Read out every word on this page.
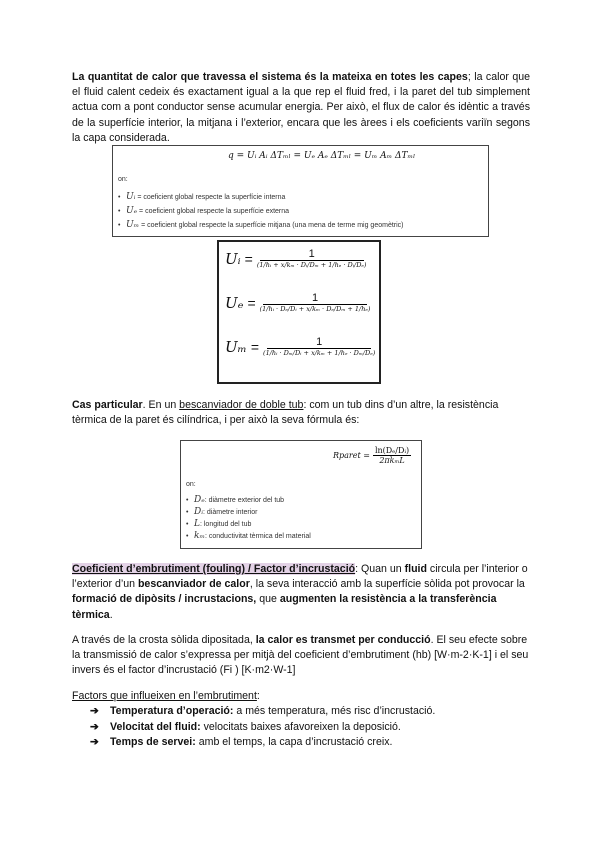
La quantitat de calor que travessa el sistema és la mateixa en totes les capes; la calor que el fluid calent cedeix és exactament igual a la que rep el fluid fred, i la paret del tub simplement actua com a pont conductor sense acumular energia. Per això, el flux de calor és idèntic a través de la superfície interior, la mitjana i l’exterior, encara que les àrees i els coeficients variïn segons la capa considerada.

q = Uᵢ Aᵢ ΔTₘₗ = Uₑ Aₑ ΔTₘₗ = Uₘ Aₘ ΔTₘₗ
on:
• Uᵢ = coeficient global respecte la superfície interna
• Uₑ = coeficient global respecte la superfície externa
• Uₘ = coeficient global respecte la superfície mitjana (una mena de terme mig geomètric)
Uᵢ = $\frac{1}{\text{(1/hᵢ + x/kₘ · Dᵢ/Dₘ + 1/hₑ · Dᵢ/Dₑ)}}$
$U_e = \frac{1}{\text{(1/hᵢ · Dₑ/Dᵢ + x/kₘ · Dₑ/Dₘ + 1/hₑ)}}$
$U_m = \frac{1}{\text{(1/hᵢ · Dₘ/Dᵢ + x/kₘ + 1/hₑ · Dₘ/Dₑ)}}$

Cas particular. En un bescanviador de doble tub: com un tub dins d’un altre, la resistència tèrmica de la paret és cilíndrica, i per això la seva fórmula és:

Rparet = $\frac{\text{ln(Dₑ/Dᵢ)}}{\text{2πkₘL}}$
on:
• Dₑ: diàmetre exterior del tub
• Dᵢ: diàmetre interior
• L: longitud del tub
• kₘ: conductivitat tèrmica del material

Coeficient d’embrutiment (fouling) / Factor d’incrustació: Quan un fluid circula per l’interior o l’exterior d’un bescanviador de calor, la seva interacció amb la superfície sòlida pot provocar la formació de dipòsits / incrustacions, que augmenten la resistència a la transferència tèrmica.

A través de la crosta sòlida dipositada, la calor es transmet per conducció. El seu efecte sobre la transmissió de calor s’expressa per mitjà del coeficient d’embrutiment (hb) [W·m-2·K-1] i el seu invers és el factor d’incrustació (Fi ) [K·m2·W-1]

Factors que influeixen en l’embrutiment:

➔ Temperatura d’operació: a més temperatura, més risc d’incrustació.
➔ Velocitat del fluid: velocitats baixes afavoreixen la deposició.
➔ Temps de servei: amb el temps, la capa d’incrustació creix.
